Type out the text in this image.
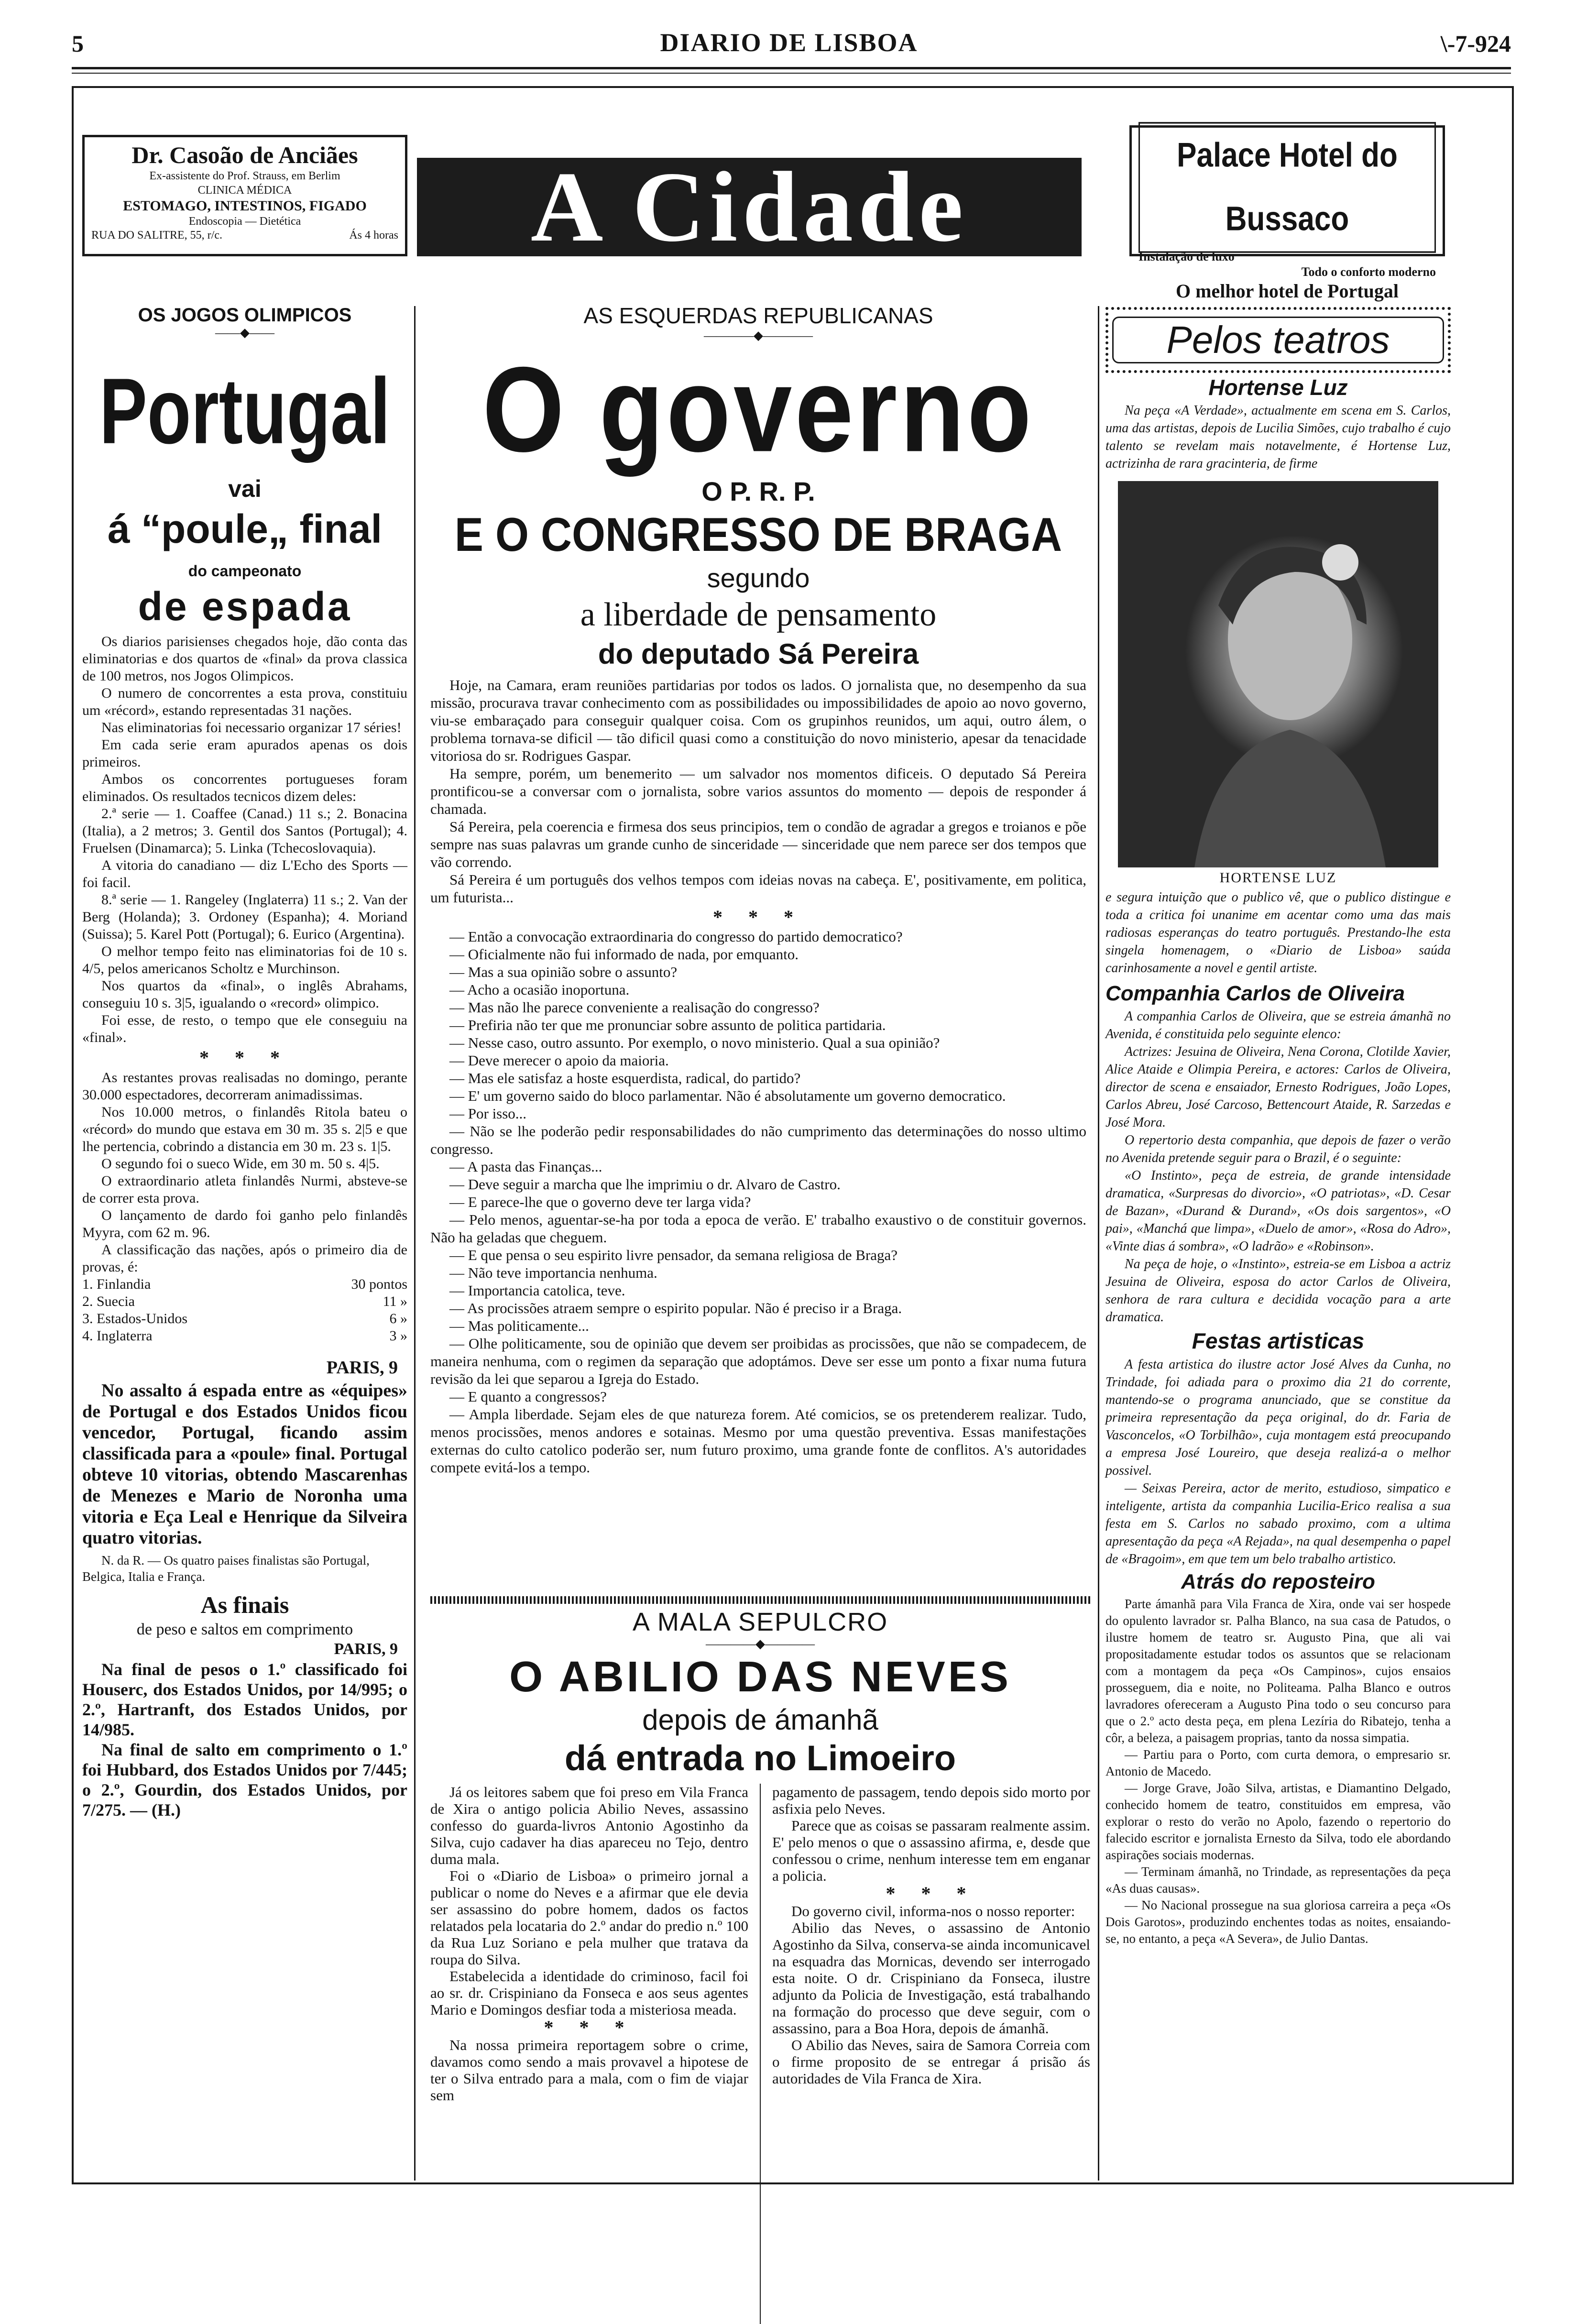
5	DIARIO DE LISBOA	\-7-924
Dr. Casoão de Anciães
Ex-assistente do Prof. Strauss, em Berlim
CLINICA MÉDICA
ESTOMAGO, INTESTINOS, FIGADO
Endoscopia — Dietética
RUA DO SALITRE, 55, r/c.	Ás 4 horas	A Cidade	Palace Hotel do Bussaco
Instalação de luxo
Todo o conforto moderno
O melhor hotel de Portugal
OS JOGOS OLIMPICOS
——◆——
Portugal
vai
á “poule„ final
do campeonato
de espada

Os diarios parisienses chegados hoje, dão conta das eliminatorias e dos quartos de «final» da prova classica de 100 metros, nos Jogos Olimpicos.

O numero de concorrentes a esta prova, constituiu um «récord», estando representadas 31 nações.

Nas eliminatorias foi necessario organizar 17 séries!

Em cada serie eram apurados apenas os dois primeiros.

Ambos os concorrentes portugueses foram eliminados. Os resultados tecnicos dizem deles:

2.ª serie — 1. Coaffee (Canad.) 11 s.; 2. Bonacina (Italia), a 2 metros; 3. Gentil dos Santos (Portugal); 4. Fruelsen (Dinamarca); 5. Linka (Tchecoslovaquia).

A vitoria do canadiano — diz L'Echo des Sports — foi facil.

8.ª serie — 1. Rangeley (Inglaterra) 11 s.; 2. Van der Berg (Holanda); 3. Ordoney (Espanha); 4. Moriand (Suissa); 5. Karel Pott (Portugal); 6. Eurico (Argentina).

O melhor tempo feito nas eliminatorias foi de 10 s. 4/5, pelos americanos Scholtz e Murchinson.

Nos quartos da «final», o inglês Abrahams, conseguiu 10 s. 3|5, igualando o «record» olimpico.

Foi esse, de resto, o tempo que ele conseguiu na «final».

* * *

As restantes provas realisadas no domingo, perante 30.000 espectadores, decorreram animadissimas.

Nos 10.000 metros, o finlandês Ritola bateu o «récord» do mundo que estava em 30 m. 35 s. 2|5 e que lhe pertencia, cobrindo a distancia em 30 m. 23 s. 1|5.

O segundo foi o sueco Wide, em 30 m. 50 s. 4|5.

O extraordinario atleta finlandês Nurmi, absteve-se de correr esta prova.

O lançamento de dardo foi ganho pelo finlandês Myyra, com 62 m. 96.

A classificação das nações, após o primeiro dia de provas, é:

1. Finlandia	30 pontos
2. Suecia	11 »
3. Estados-Unidos	6 »
4. Inglaterra	3 »
PARIS, 9

No assalto á espada entre as «équipes» de Portugal e dos Estados Unidos ficou vencedor, Portugal, ficando assim classificada para a «poule» final. Portugal obteve 10 vitorias, obtendo Mascarenhas de Menezes e Mario de Noronha uma vitoria e Eça Leal e Henrique da Silveira quatro vitorias.

N. da R. — Os quatro paises finalistas são Portugal, Belgica, Italia e França.

As finais
de peso e saltos em comprimento
PARIS, 9

Na final de pesos o 1.º classificado foi Houserc, dos Estados Unidos, por 14/995; o 2.º, Hartranft, dos Estados Unidos, por 14/985.

Na final de salto em comprimento o 1.º foi Hubbard, dos Estados Unidos por 7/445; o 2.º, Gourdin, dos Estados Unidos, por 7/275. — (H.)

AS ESQUERDAS REPUBLICANAS
————◆————
O governo
O P. R. P.
E O CONGRESSO DE BRAGA
segundo
a liberdade de pensamento
do deputado Sá Pereira

Hoje, na Camara, eram reuniões partidarias por todos os lados. O jornalista que, no desempenho da sua missão, procurava travar conhecimento com as possibilidades ou impossibilidades de apoio ao novo governo, viu-se embaraçado para conseguir qualquer coisa. Com os grupinhos reunidos, um aqui, outro álem, o problema tornava-se dificil — tão dificil quasi como a constituição do novo ministerio, apesar da tenacidade vitoriosa do sr. Rodrigues Gaspar.

Ha sempre, porém, um benemerito — um salvador nos momentos dificeis. O deputado Sá Pereira prontificou-se a conversar com o jornalista, sobre varios assuntos do momento — depois de responder á chamada.

Sá Pereira, pela coerencia e firmesa dos seus principios, tem o condão de agradar a gregos e troianos e põe sempre nas suas palavras um grande cunho de sinceridade — sinceridade que nem parece ser dos tempos que vão correndo.

Sá Pereira é um português dos velhos tempos com ideias novas na cabeça. E', positivamente, em politica, um futurista...

* * *

— Então a convocação extraordinaria do congresso do partido democratico?

— Oficialmente não fui informado de nada, por emquanto.

— Mas a sua opinião sobre o assunto?

— Acho a ocasião inoportuna.

— Mas não lhe parece conveniente a realisação do congresso?

— Prefiria não ter que me pronunciar sobre assunto de politica partidaria.

— Nesse caso, outro assunto. Por exemplo, o novo ministerio. Qual a sua opinião?

— Deve merecer o apoio da maioria.

— Mas ele satisfaz a hoste esquerdista, radical, do partido?

— E' um governo saido do bloco parlamentar. Não é absolutamente um governo democratico.

— Por isso...

— Não se lhe poderão pedir responsabilidades do não cumprimento das determinações do nosso ultimo congresso.

— A pasta das Finanças...

— Deve seguir a marcha que lhe imprimiu o dr. Alvaro de Castro.

— E parece-lhe que o governo deve ter larga vida?

— Pelo menos, aguentar-se-ha por toda a epoca de verão. E' trabalho exaustivo o de constituir governos. Não ha geladas que cheguem.

— E que pensa o seu espirito livre pensador, da semana religiosa de Braga?

— Não teve importancia nenhuma.

— Importancia catolica, teve.

— As procissões atraem sempre o espirito popular. Não é preciso ir a Braga.

— Mas politicamente...

— Olhe politicamente, sou de opinião que devem ser proibidas as procissões, que não se compadecem, de maneira nenhuma, com o regimen da separação que adoptámos. Deve ser esse um ponto a fixar numa futura revisão da lei que separou a Igreja do Estado.

— E quanto a congressos?

— Ampla liberdade. Sejam eles de que natureza forem. Até comicios, se os pretenderem realizar. Tudo, menos procissões, menos andores e sotainas. Mesmo por uma questão preventiva. Essas manifestações externas do culto catolico poderão ser, num futuro proximo, uma grande fonte de conflitos. A's autoridades compete evitá-los a tempo.

A MALA SEPULCRO
————◆————
O ABILIO DAS NEVES
depois de ámanhã
dá entrada no Limoeiro

Já os leitores sabem que foi preso em Vila Franca de Xira o antigo policia Abilio Neves, assassino confesso do guarda-livros Antonio Agostinho da Silva, cujo cadaver ha dias apareceu no Tejo, dentro duma mala.

Foi o «Diario de Lisboa» o primeiro jornal a publicar o nome do Neves e a afirmar que ele devia ser assassino do pobre homem, dados os factos relatados pela locataria do 2.º andar do predio n.º 100 da Rua Luz Soriano e pela mulher que tratava da roupa do Silva.

Estabelecida a identidade do criminoso, facil foi ao sr. dr. Crispiniano da Fonseca e aos seus agentes Mario e Domingos desfiar toda a misteriosa meada.

* * *

Na nossa primeira reportagem sobre o crime, davamos como sendo a mais provavel a hipotese de ter o Silva entrado para a mala, com o fim de viajar sem

pagamento de passagem, tendo depois sido morto por asfixia pelo Neves.

Parece que as coisas se passaram realmente assim. E' pelo menos o que o assassino afirma, e, desde que confessou o crime, nenhum interesse tem em enganar a policia.

* * *

Do governo civil, informa-nos o nosso reporter:

Abilio das Neves, o assassino de Antonio Agostinho da Silva, conserva-se ainda incomunicavel na esquadra das Mornicas, devendo ser interrogado esta noite. O dr. Crispiniano da Fonseca, ilustre adjunto da Policia de Investigação, está trabalhando na formação do processo que deve seguir, com o assassino, para a Boa Hora, depois de ámanhã.

O Abilio das Neves, saira de Samora Correia com o firme proposito de se entregar á prisão ás autoridades de Vila Franca de Xira.

Pelos teatros
Hortense Luz

Na peça «A Verdade», actualmente em scena em S. Carlos, uma das artistas, depois de Lucilia Simões, cujo trabalho é cujo talento se revelam mais notavelmente, é Hortense Luz, actrizinha de rara gracinteria, de firme

HORTENSE LUZ

e segura intuição que o publico vê, que o publico distingue e toda a critica foi unanime em acentar como uma das mais radiosas esperanças do teatro português. Prestando-lhe esta singela homenagem, o «Diario de Lisboa» saúda carinhosamente a novel e gentil artiste.

Companhia Carlos de Oliveira

A companhia Carlos de Oliveira, que se estreia ámanhã no Avenida, é constituida pelo seguinte elenco:

Actrizes: Jesuina de Oliveira, Nena Corona, Clotilde Xavier, Alice Ataide e Olimpia Pereira, e actores: Carlos de Oliveira, director de scena e ensaiador, Ernesto Rodrigues, João Lopes, Carlos Abreu, José Carcoso, Bettencourt Ataide, R. Sarzedas e José Mora.

O repertorio desta companhia, que depois de fazer o verão no Avenida pretende seguir para o Brazil, é o seguinte:

«O Instinto», peça de estreia, de grande intensidade dramatica, «Surpresas do divorcio», «O patriotas», «D. Cesar de Bazan», «Durand & Durand», «Os dois sargentos», «O pai», «Manchá que limpa», «Duelo de amor», «Rosa do Adro», «Vinte dias á sombra», «O ladrão» e «Robinson».

Na peça de hoje, o «Instinto», estreia-se em Lisboa a actriz Jesuina de Oliveira, esposa do actor Carlos de Oliveira, senhora de rara cultura e decidida vocação para a arte dramatica.

Festas artisticas

A festa artistica do ilustre actor José Alves da Cunha, no Trindade, foi adiada para o proximo dia 21 do corrente, mantendo-se o programa anunciado, que se constitue da primeira representação da peça original, do dr. Faria de Vasconcelos, «O Torbilhão», cuja montagem está preocupando a empresa José Loureiro, que deseja realizá-a o melhor possivel.

— Seixas Pereira, actor de merito, estudioso, simpatico e inteligente, artista da companhia Lucilia-Erico realisa a sua festa em S. Carlos no sabado proximo, com a ultima apresentação da peça «A Rejada», na qual desempenha o papel de «Bragoim», em que tem um belo trabalho artistico.

Atrás do reposteiro

Parte ámanhã para Vila Franca de Xira, onde vai ser hospede do opulento lavrador sr. Palha Blanco, na sua casa de Patudos, o ilustre homem de teatro sr. Augusto Pina, que ali vai propositadamente estudar todos os assuntos que se relacionam com a montagem da peça «Os Campinos», cujos ensaios prosseguem, dia e noite, no Politeama. Palha Blanco e outros lavradores ofereceram a Augusto Pina todo o seu concurso para que o 2.º acto desta peça, em plena Lezíria do Ribatejo, tenha a côr, a beleza, a paisagem proprias, tanto da nossa simpatia.

— Partiu para o Porto, com curta demora, o empresario sr. Antonio de Macedo.

— Jorge Grave, João Silva, artistas, e Diamantino Delgado, conhecido homem de teatro, constituidos em empresa, vão explorar o resto do verão no Apolo, fazendo o repertorio do falecido escritor e jornalista Ernesto da Silva, todo ele abordando aspirações sociais modernas.

— Terminam ámanhã, no Trindade, as representações da peça «As duas causas».

— No Nacional prossegue na sua gloriosa carreira a peça «Os Dois Garotos», produzindo enchentes todas as noites, ensaiando-se, no entanto, a peça «A Severa», de Julio Dantas.
